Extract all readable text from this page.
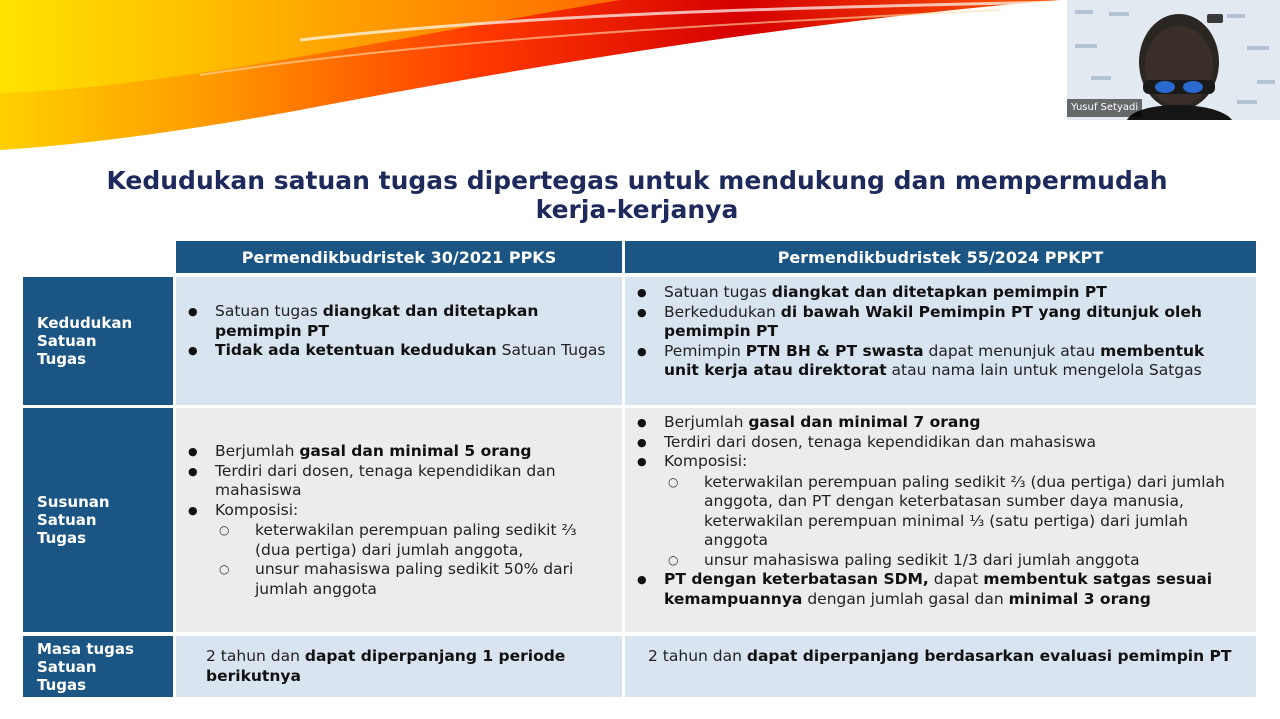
Yusuf Setyadi
Kedudukan satuan tugas dipertegas untuk mendukung dan mempermudah
kerja-kerjanya
Permendikbudristek 30/2021 PPKS	Permendikbudristek 55/2024 PPKPT
Kedudukan
Satuan
Tugas
● Satuan tugas diangkat dan ditetapkan pemimpin PT
● Tidak ada ketentuan kedudukan Satuan Tugas
● Satuan tugas diangkat dan ditetapkan pemimpin PT
● Berkedudukan di bawah Wakil Pemimpin PT yang ditunjuk oleh pemimpin PT
● Pemimpin PTN BH & PT swasta dapat menunjuk atau membentuk unit kerja atau direktorat atau nama lain untuk mengelola Satgas
Susunan
Satuan
Tugas
● Berjumlah gasal dan minimal 5 orang
● Terdiri dari dosen, tenaga kependidikan dan mahasiswa
● Komposisi:
○ keterwakilan perempuan paling sedikit ⅔ (dua pertiga) dari jumlah anggota,
○ unsur mahasiswa paling sedikit 50% dari jumlah anggota
● Berjumlah gasal dan minimal 7 orang
● Terdiri dari dosen, tenaga kependidikan dan mahasiswa
● Komposisi:
○ keterwakilan perempuan paling sedikit ⅔ (dua pertiga) dari jumlah anggota, dan PT dengan keterbatasan sumber daya manusia, keterwakilan perempuan minimal ⅓ (satu pertiga) dari jumlah anggota
○ unsur mahasiswa paling sedikit 1/3 dari jumlah anggota
● PT dengan keterbatasan SDM, dapat membentuk satgas sesuai kemampuannya dengan jumlah gasal dan minimal 3 orang
Masa tugas
Satuan
Tugas
2 tahun dan dapat diperpanjang 1 periode berikutnya
2 tahun dan dapat diperpanjang berdasarkan evaluasi pemimpin PT
